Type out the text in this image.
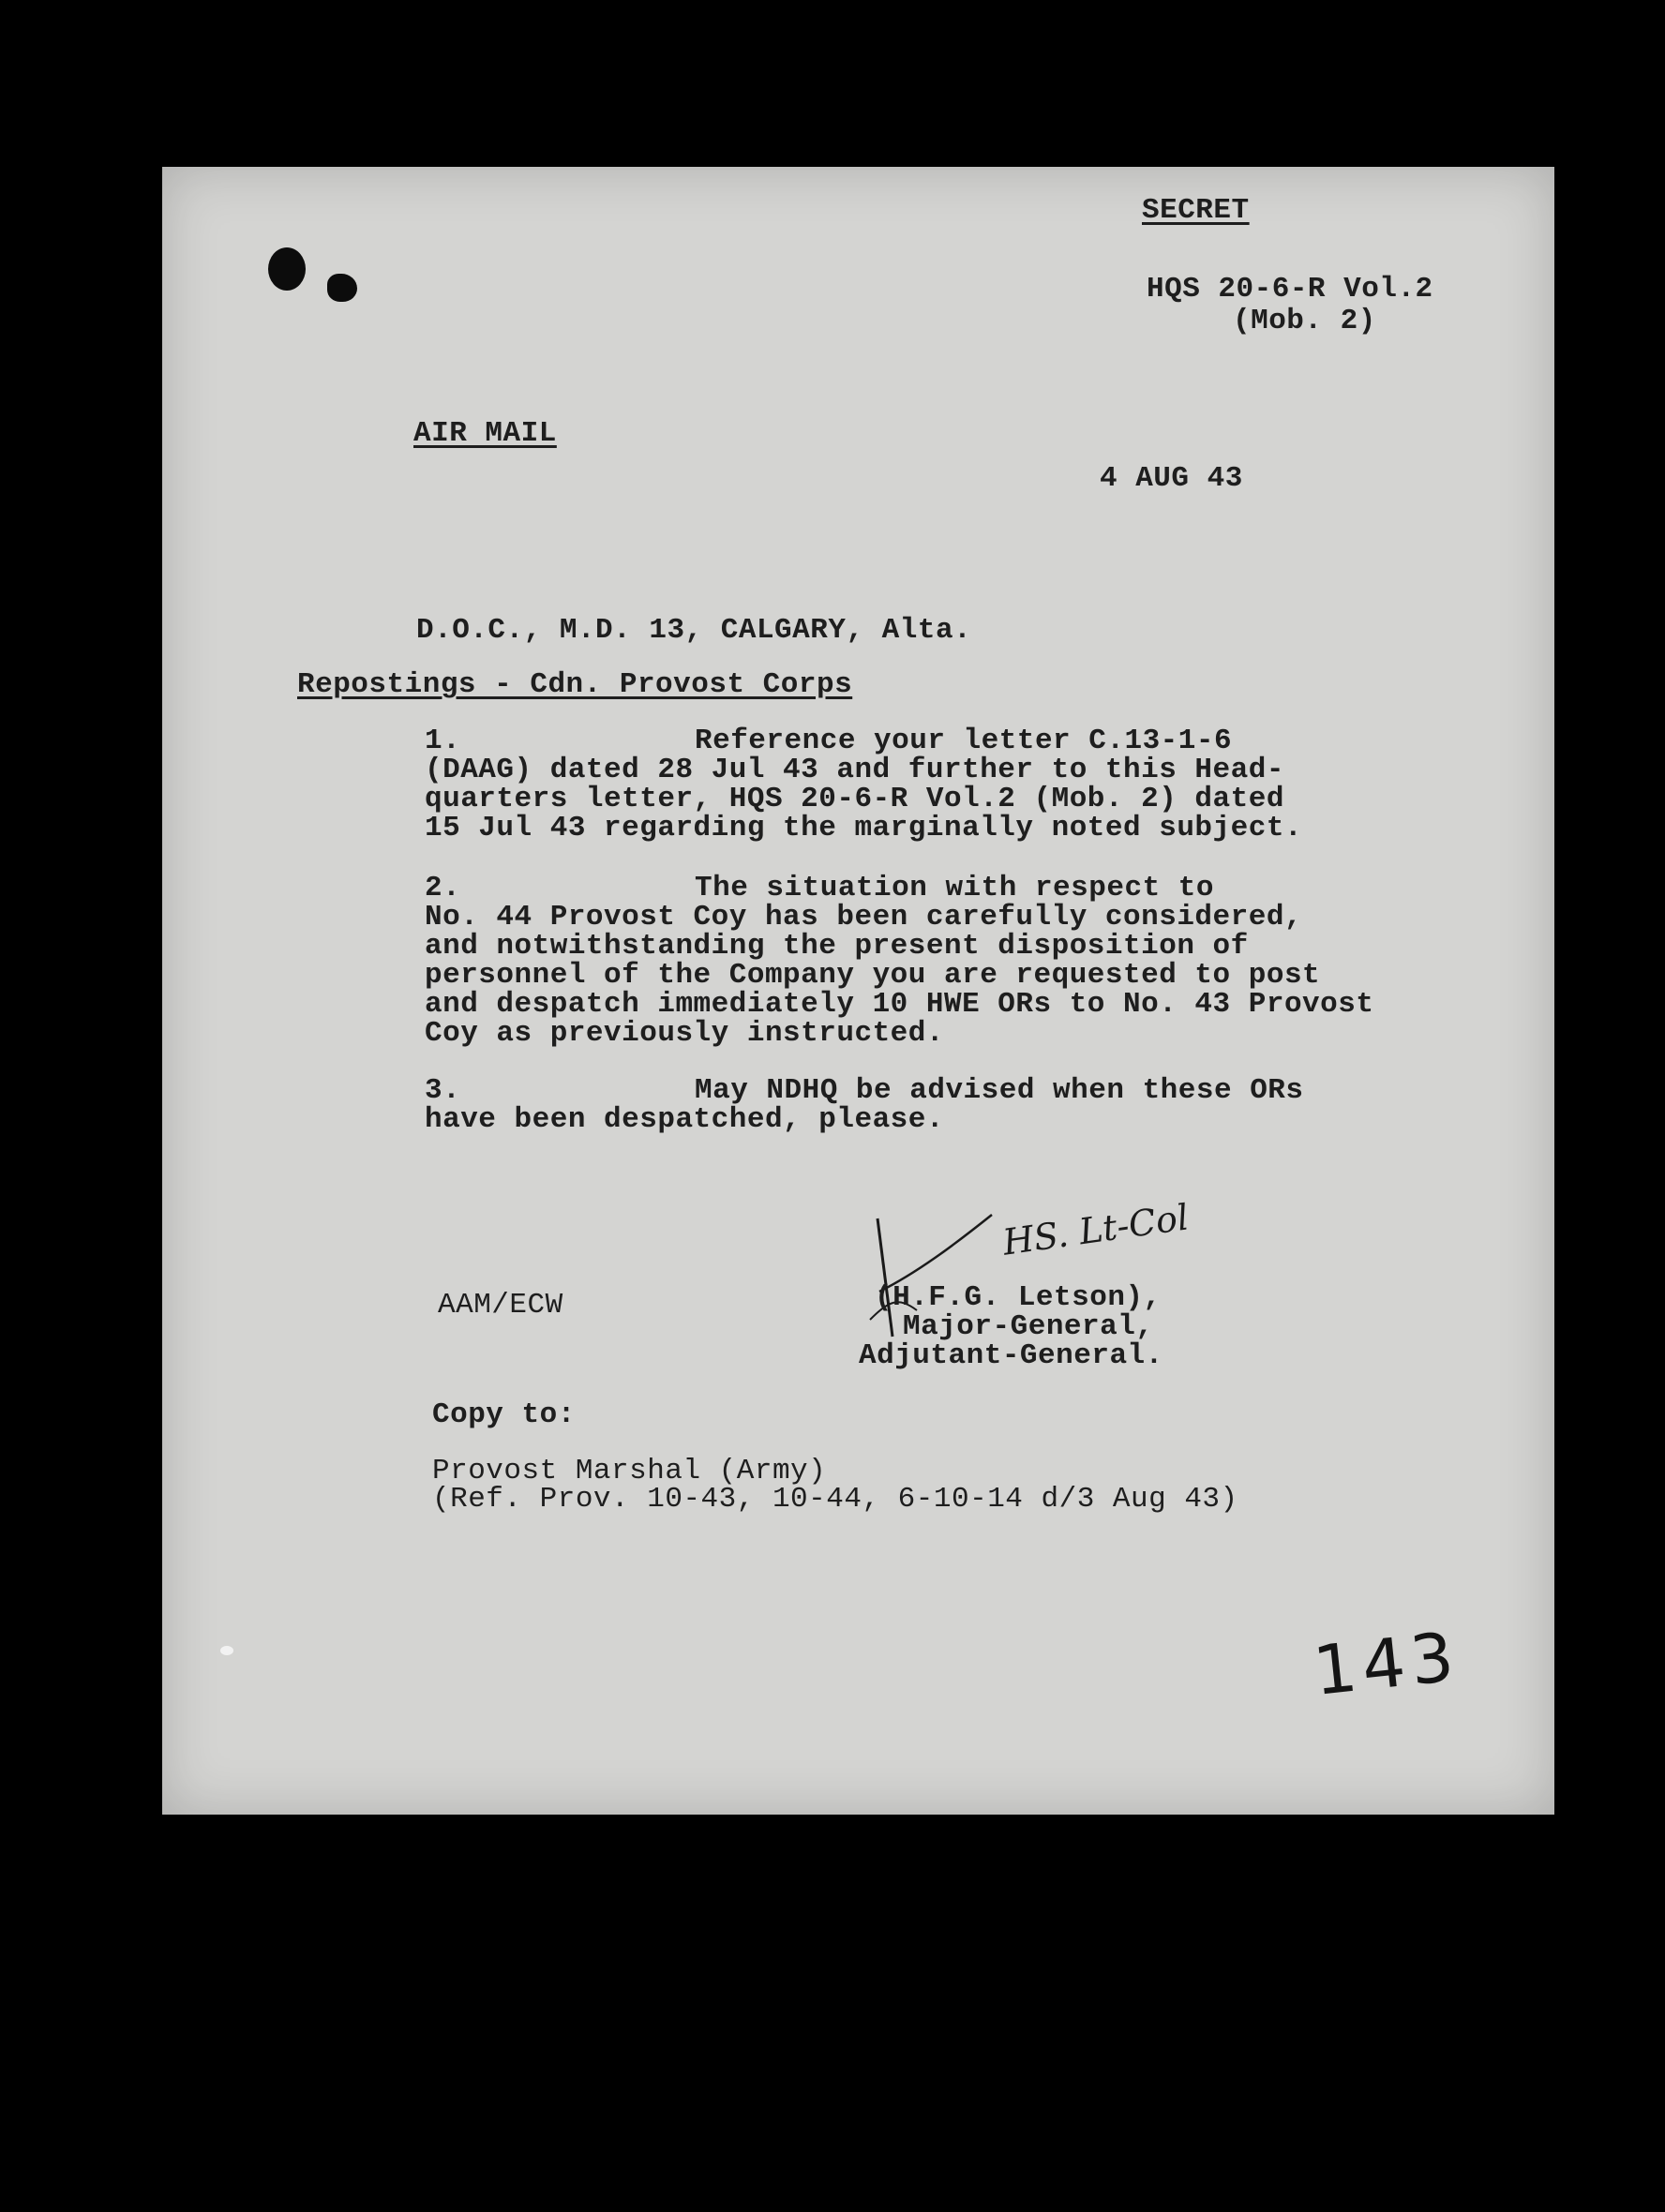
SECRET
HQS 20-6-R Vol.2
(Mob. 2)
AIR MAIL
4 AUG 43
D.O.C., M.D. 13, CALGARY, Alta.
Repostings - Cdn. Provost Corps
1.	Reference your letter C.13-1-6
(DAAG) dated 28 Jul 43 and further to this Head-
quarters letter, HQS 20-6-R Vol.2 (Mob. 2) dated
15 Jul 43 regarding the marginally noted subject.
2.	The situation with respect to
No. 44 Provost Coy has been carefully considered,
and notwithstanding the present disposition of
personnel of the Company you are requested to post
and despatch immediately 10 HWE ORs to No. 43 Provost
Coy as previously instructed.
3.	May NDHQ be advised when these ORs
have been despatched, please.
AAM/ECW
HS. Lt-Col
(H.F.G. Letson),
Major-General,
Adjutant-General.
Copy to:
Provost Marshal (Army)
(Ref. Prov. 10-43, 10-44, 6-10-14 d/3 Aug 43)
143
